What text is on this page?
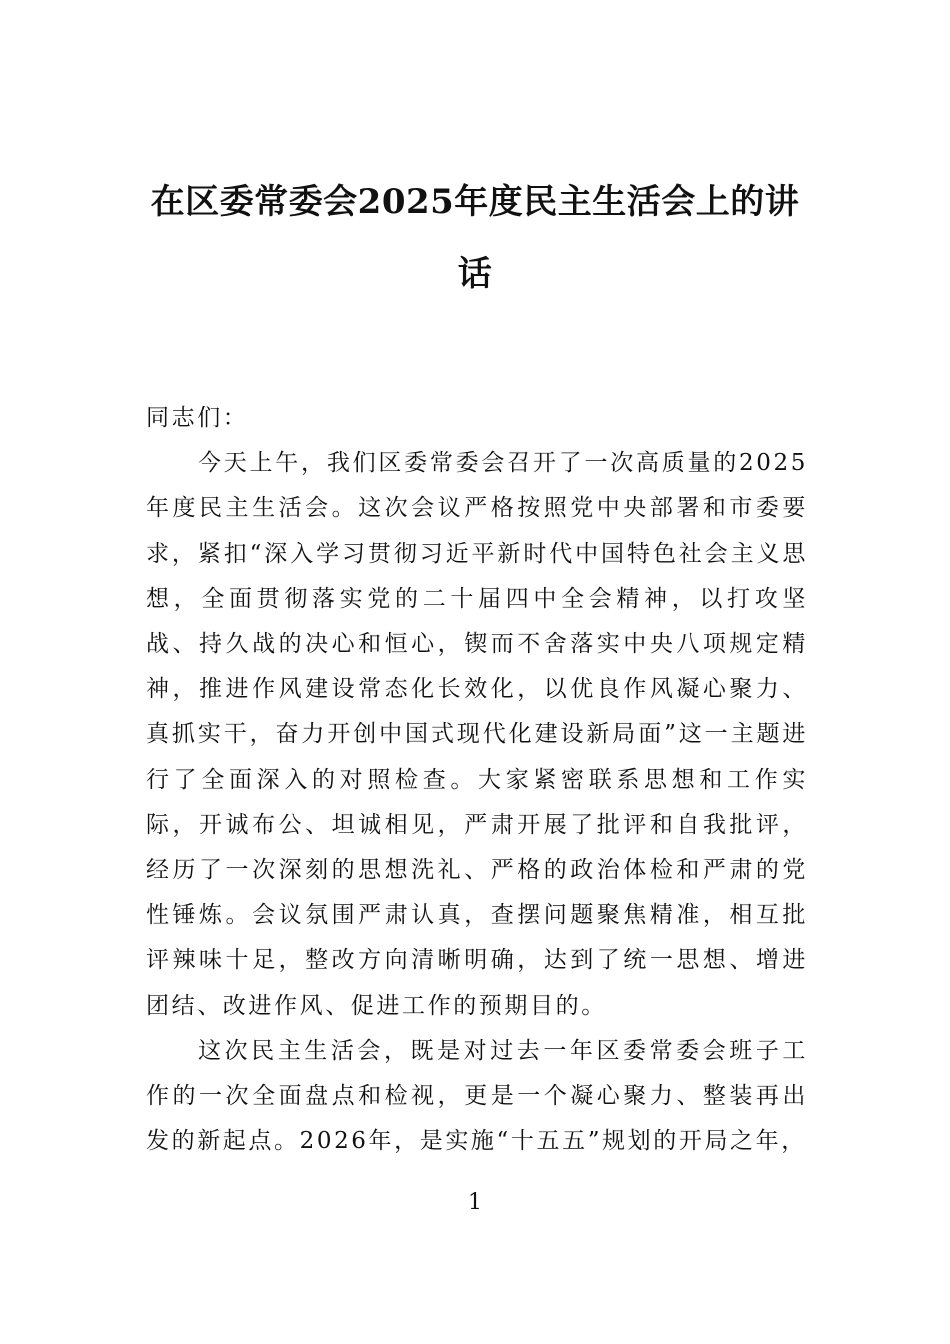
在区委常委会2025年度民主生活会上的讲
话

同志们：

今天上午，我们区委常委会召开了一次高质量的2025年度民主生活会。这次会议严格按照党中央部署和市委要求，紧扣“深入学习贯彻习近平新时代中国特色社会主义思想，全面贯彻落实党的二十届四中全会精神，以打攻坚战、持久战的决心和恒心，锲而不舍落实中央八项规定精神，推进作风建设常态化长效化，以优良作风凝心聚力、真抓实干，奋力开创中国式现代化建设新局面”这一主题进行了全面深入的对照检查。大家紧密联系思想和工作实际，开诚布公、坦诚相见，严肃开展了批评和自我批评，经历了一次深刻的思想洗礼、严格的政治体检和严肃的党性锤炼。会议氛围严肃认真，查摆问题聚焦精准，相互批评辣味十足，整改方向清晰明确，达到了统一思想、增进团结、改进作风、促进工作的预期目的。

这次民主生活会，既是对过去一年区委常委会班子工作的一次全面盘点和检视，更是一个凝心聚力、整装再出发的新起点。2026年，是实施“十五五”规划的开局之年，

1
